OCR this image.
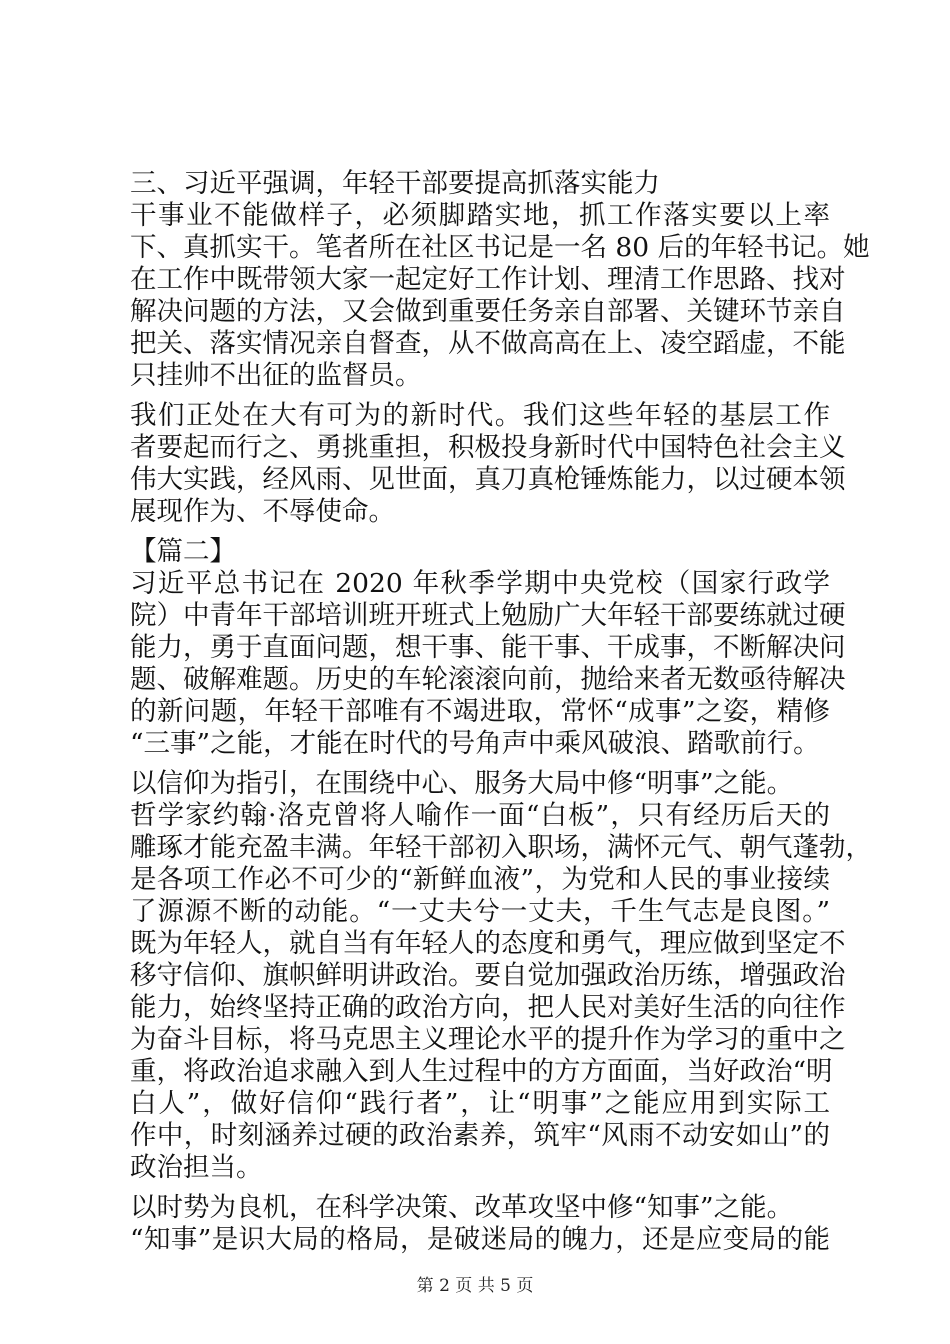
三、习近平强调，年轻干部要提高抓落实能力
干事业不能做样子，必须脚踏实地，抓工作落实要以上率
下、真抓实干。笔者所在社区书记是一名 80 后的年轻书记。她
在工作中既带领大家一起定好工作计划、理清工作思路、找对
解决问题的方法，又会做到重要任务亲自部署、关键环节亲自
把关、落实情况亲自督查，从不做高高在上、凌空蹈虚，不能
只挂帅不出征的监督员。
我们正处在大有可为的新时代。我们这些年轻的基层工作
者要起而行之、勇挑重担，积极投身新时代中国特色社会主义
伟大实践，经风雨、见世面，真刀真枪锤炼能力，以过硬本领
展现作为、不辱使命。
【篇二】
习近平总书记在 2020 年秋季学期中央党校（国家行政学
院）中青年干部培训班开班式上勉励广大年轻干部要练就过硬
能力，勇于直面问题，想干事、能干事、干成事，不断解决问
题、破解难题。历史的车轮滚滚向前，抛给来者无数亟待解决
的新问题，年轻干部唯有不竭进取，常怀“成事”之姿，精修
“三事”之能，才能在时代的号角声中乘风破浪、踏歌前行。
以信仰为指引，在围绕中心、服务大局中修“明事”之能。
哲学家约翰·洛克曾将人喻作一面“白板”，只有经历后天的
雕琢才能充盈丰满。年轻干部初入职场，满怀元气、朝气蓬勃，
是各项工作必不可少的“新鲜血液”，为党和人民的事业接续
了源源不断的动能。“一丈夫兮一丈夫，千生气志是良图。”
既为年轻人，就自当有年轻人的态度和勇气，理应做到坚定不
移守信仰、旗帜鲜明讲政治。要自觉加强政治历练，增强政治
能力，始终坚持正确的政治方向，把人民对美好生活的向往作
为奋斗目标，将马克思主义理论水平的提升作为学习的重中之
重，将政治追求融入到人生过程中的方方面面，当好政治“明
白人”，做好信仰“践行者”，让“明事”之能应用到实际工
作中，时刻涵养过硬的政治素养，筑牢“风雨不动安如山”的
政治担当。
以时势为良机，在科学决策、改革攻坚中修“知事”之能。
“知事”是识大局的格局，是破迷局的魄力，还是应变局的能
第 2 页 共 5 页
